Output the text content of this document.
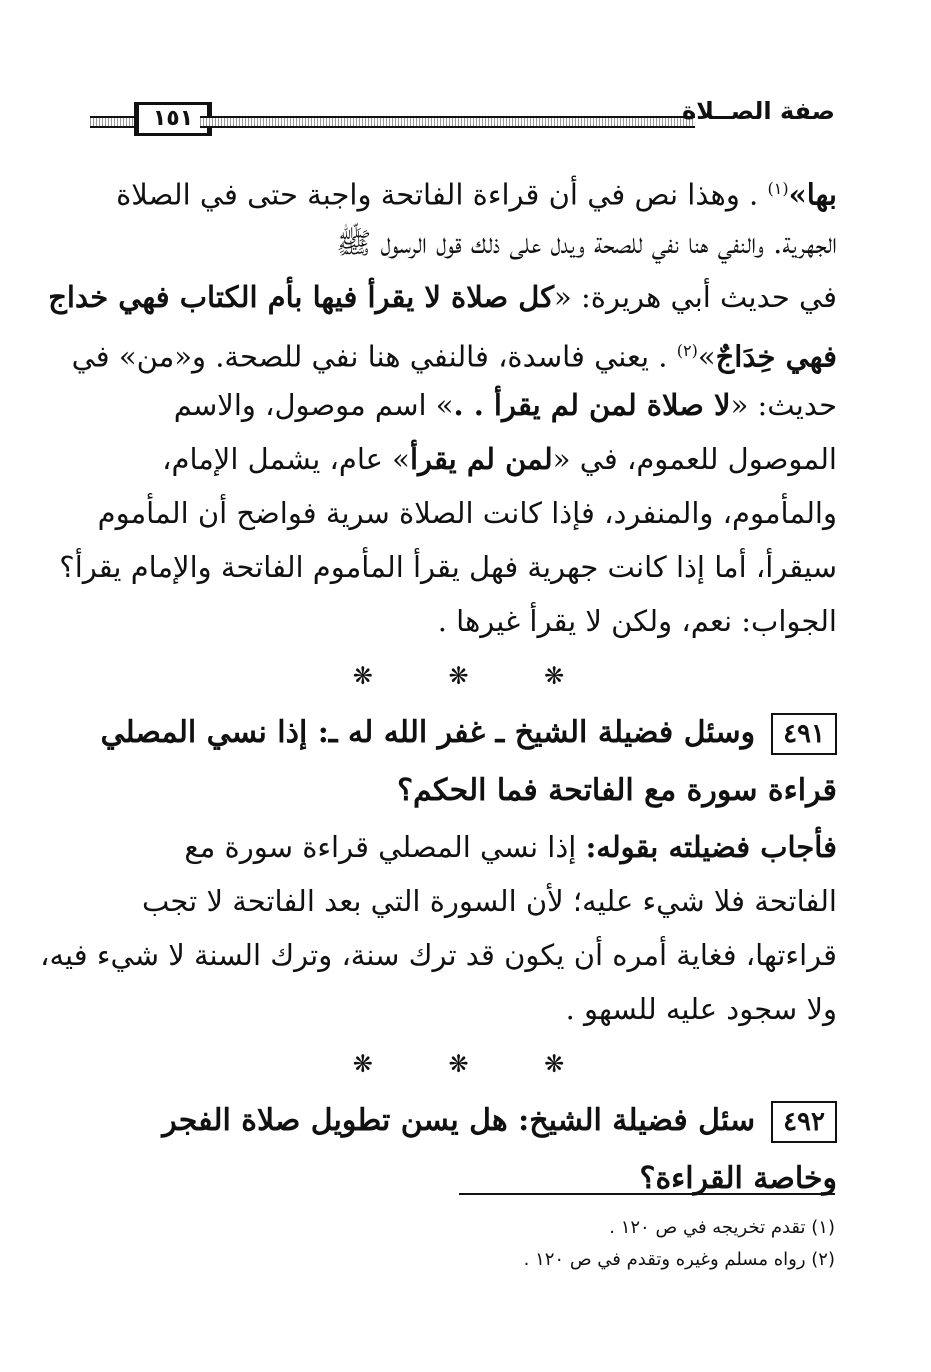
١٥١	صفة الصــلاة
بها»$^{(١)}$ . وهذا نص في أن قراءة الفاتحة واجبة حتى في الصلاة
الجهرية. والنفي هنا نفي للصحة ويدل على ذلك قول الرسول ﷺ
في حديث أبي هريرة: «كل صلاة لا يقرأ فيها بأم الكتاب فهي خداج
فهي خِدَاجٌ»$^{(٢)}$ . يعني فاسدة، فالنفي هنا نفي للصحة. و«من» في
حديث: «لا صلاة لمن لم يقرأ . .» اسم موصول، والاسم
الموصول للعموم، في «لمن لم يقرأ» عام، يشمل الإمام،
والمأموم، والمنفرد، فإذا كانت الصلاة سرية فواضح أن المأموم
سيقرأ، أما إذا كانت جهرية فهل يقرأ المأموم الفاتحة والإمام يقرأ؟
الجواب: نعم، ولكن لا يقرأ غيرها .
❋ ❋ ❋
٤٩١وسئل فضيلة الشيخ ـ غفر الله له ـ: إذا نسي المصلي
قراءة سورة مع الفاتحة فما الحكم؟
فأجاب فضيلته بقوله: إذا نسي المصلي قراءة سورة مع
الفاتحة فلا شيء عليه؛ لأن السورة التي بعد الفاتحة لا تجب
قراءتها، فغاية أمره أن يكون قد ترك سنة، وترك السنة لا شيء فيه،
ولا سجود عليه للسهو .
❋ ❋ ❋
٤٩٢سئل فضيلة الشيخ: هل يسن تطويل صلاة الفجر
وخاصة القراءة؟
(١) تقدم تخريجه في ص ١٢٠ .
(٢) رواه مسلم وغيره وتقدم في ص ١٢٠ .
